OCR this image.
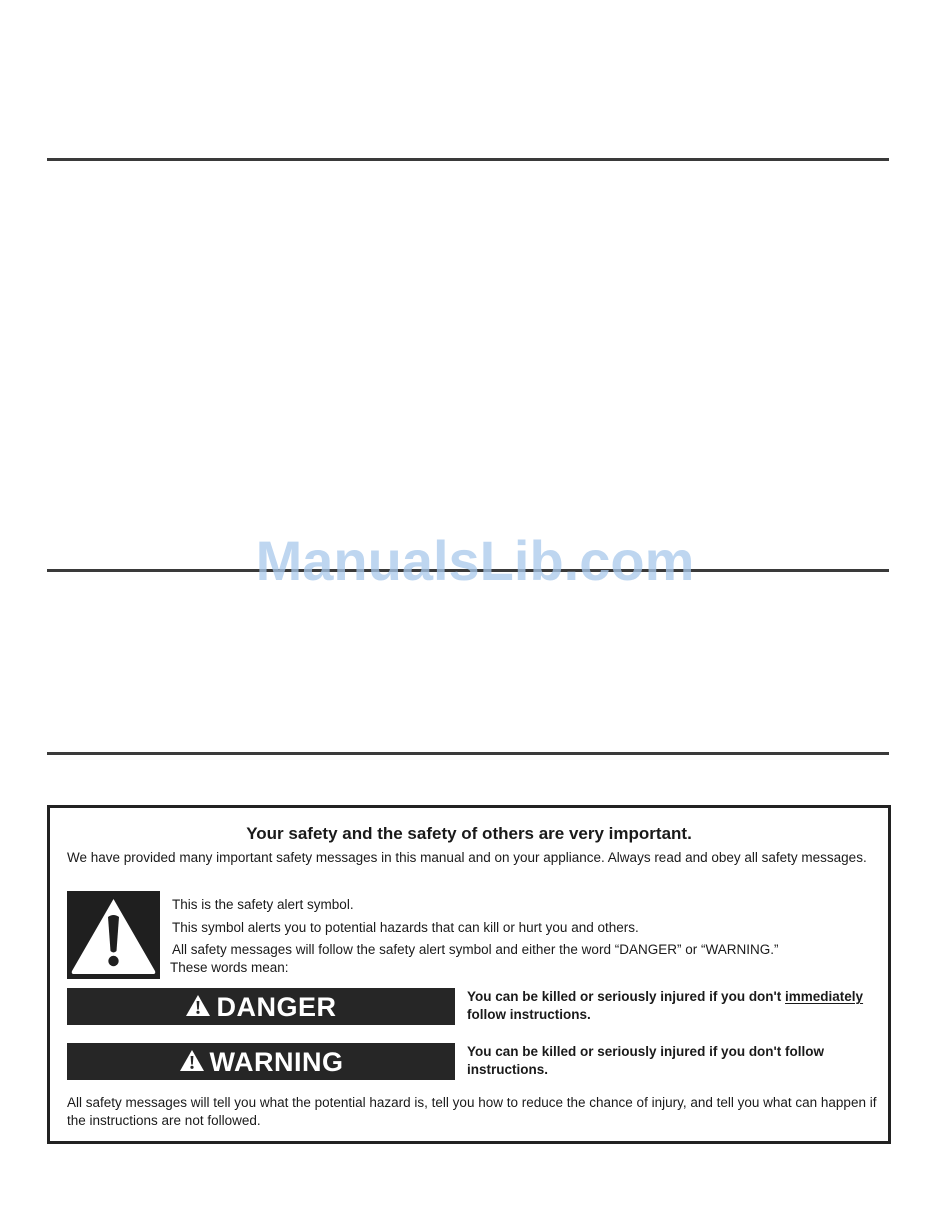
ManualsLib.com
Your safety and the safety of others are very important.
We have provided many important safety messages in this manual and on your appliance. Always read and obey all safety messages.
This is the safety alert symbol.
This symbol alerts you to potential hazards that can kill or hurt you and others.
All safety messages will follow the safety alert symbol and either the word “DANGER” or “WARNING.”
These words mean:
DANGER	You can be killed or seriously injured if you don't immediately
follow instructions.
WARNING	You can be killed or seriously injured if you don't follow instructions.
All safety messages will tell you what the potential hazard is, tell you how to reduce the chance of injury, and tell you what can happen if the instructions are not followed.
